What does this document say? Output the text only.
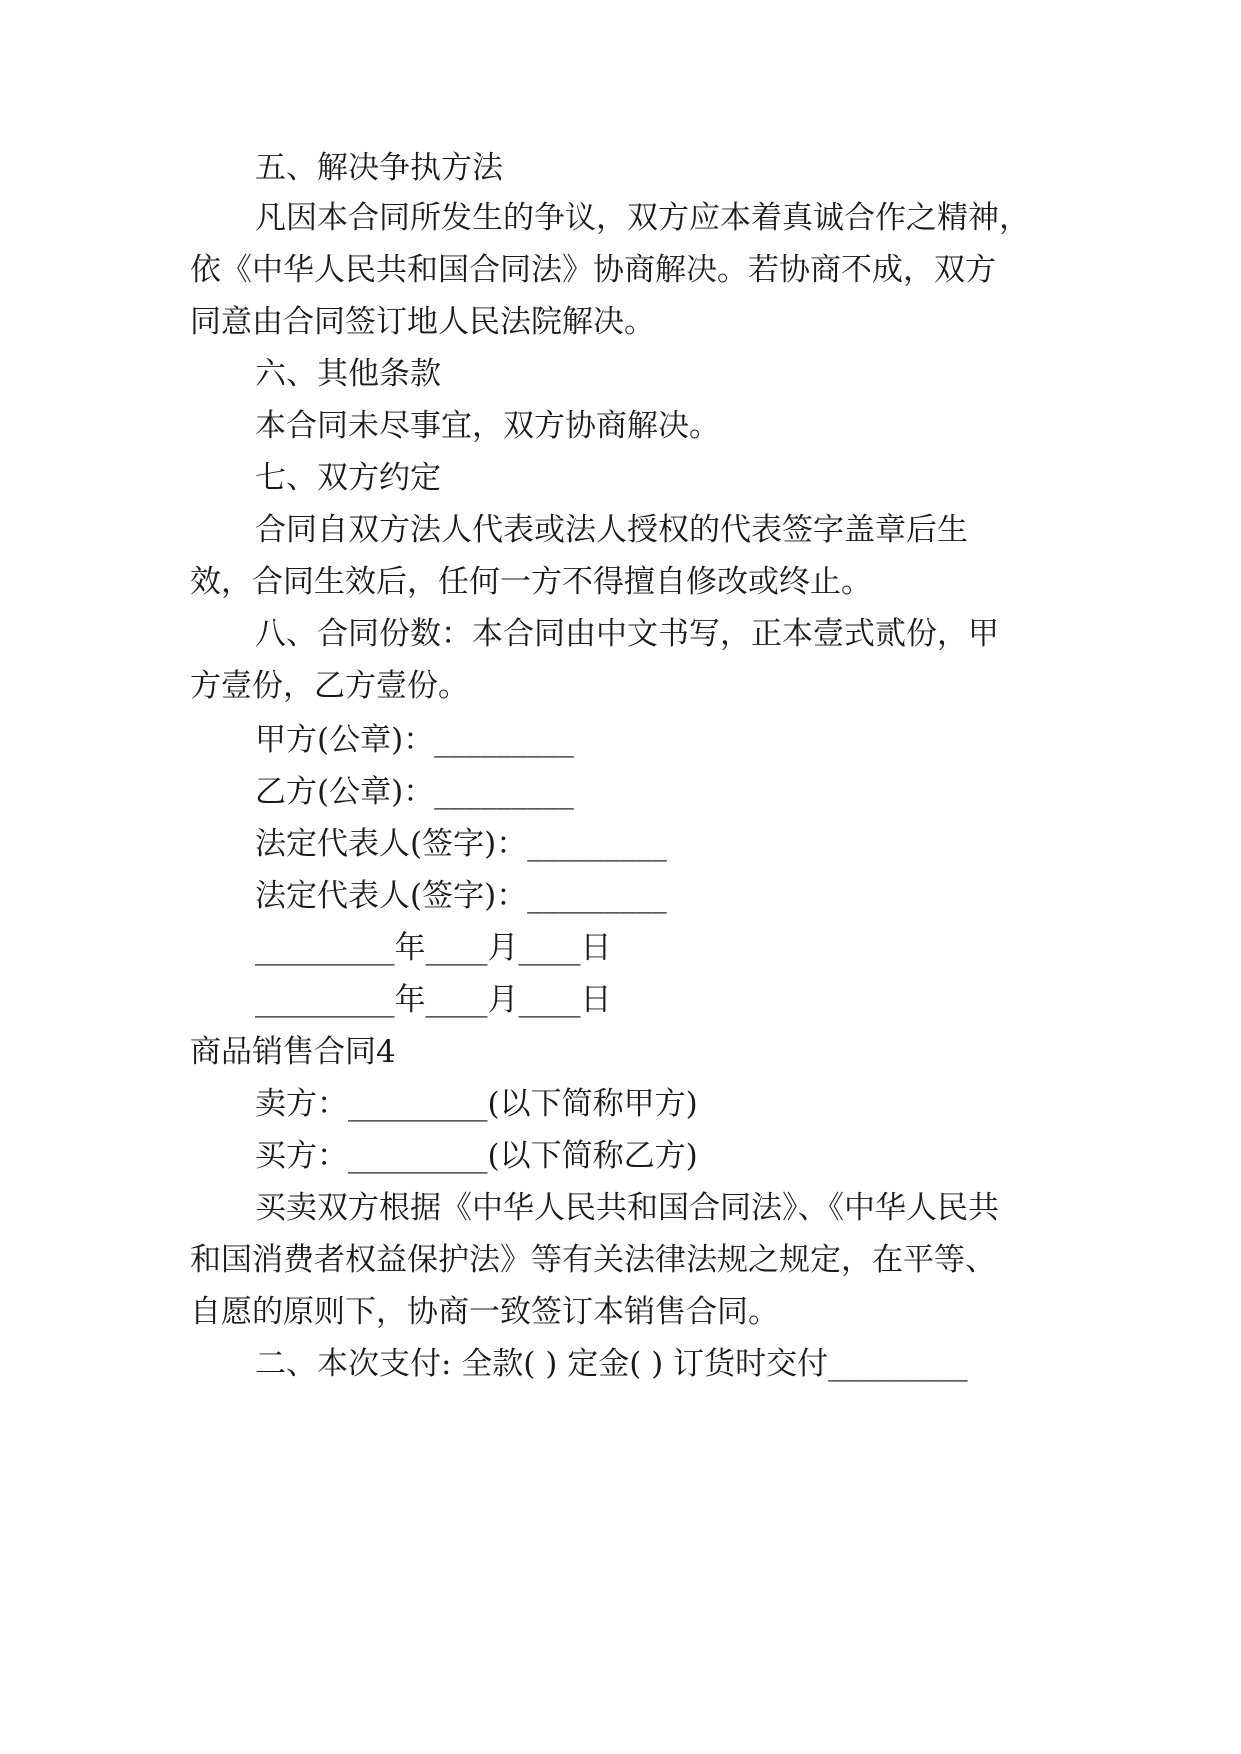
五、解决争执方法
凡因本合同所发生的争议，双方应本着真诚合作之精神，
依《中华人民共和国合同法》协商解决。若协商不成，双方
同意由合同签订地人民法院解决。
六、其他条款
本合同未尽事宜，双方协商解决。
七、双方约定
合同自双方法人代表或法人授权的代表签字盖章后生
效，合同生效后，任何一方不得擅自修改或终止。
八、合同份数：本合同由中文书写，正本壹式贰份，甲
方壹份，乙方壹份。
甲方(公章)：_________
乙方(公章)：_________
法定代表人(签字)：_________
法定代表人(签字)：_________
_________年____月____日
_________年____月____日
商品销售合同4
卖方：_________(以下简称甲方)
买方：_________(以下简称乙方)
买卖双方根据《中华人民共和国合同法》、《中华人民共
和国消费者权益保护法》等有关法律法规之规定，在平等、
自愿的原则下，协商一致签订本销售合同。
二、本次支付: 全款( ) 定金( ) 订货时交付_________
